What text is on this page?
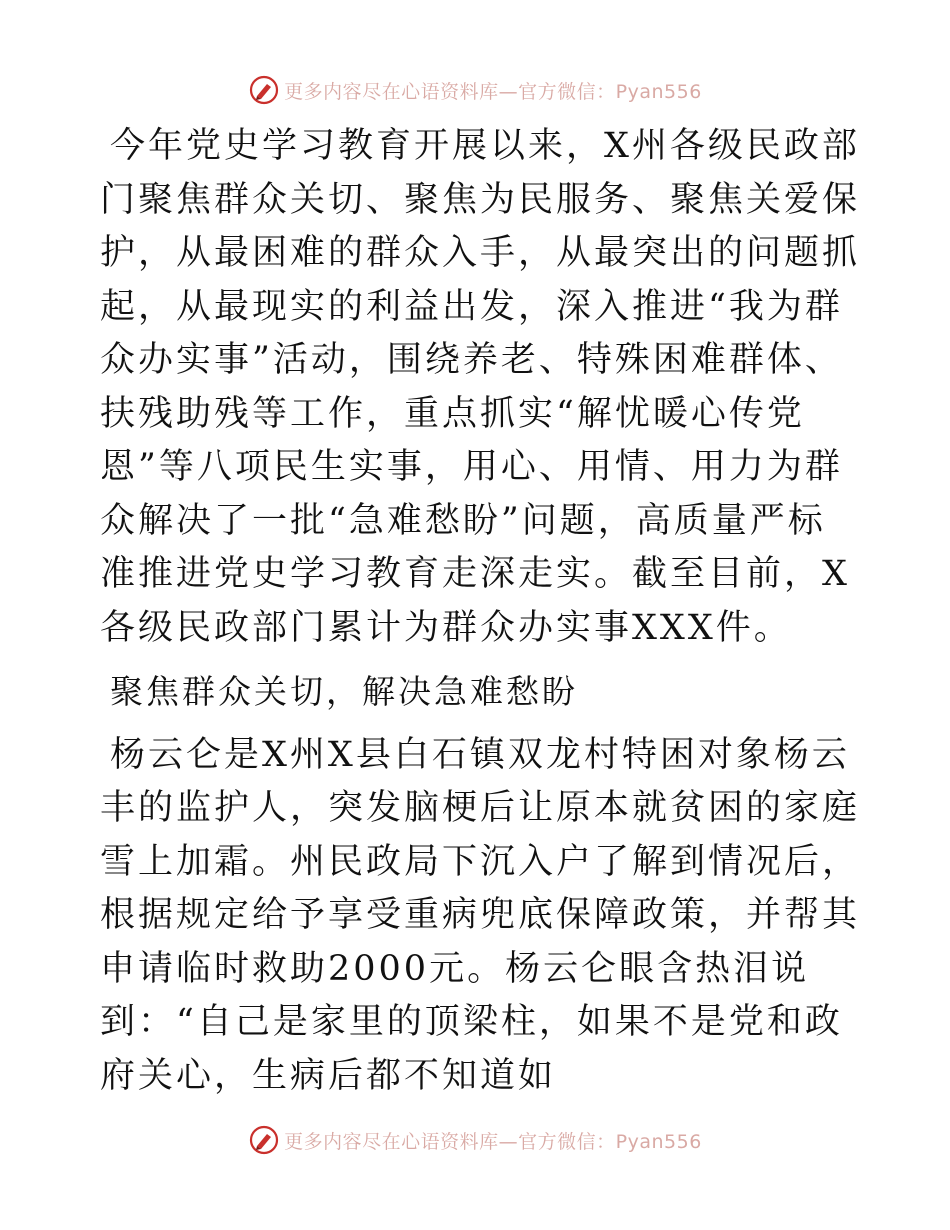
更多内容尽在心语资料库—官方微信：Pyan556

今年党史学习教育开展以来，X州各级民政部门聚焦群众关切、聚焦为民服务、聚焦关爱保护，从最困难的群众入手，从最突出的问题抓起，从最现实的利益出发，深入推进“我为群众办实事”活动，围绕养老、特殊困难群体、扶残助残等工作，重点抓实“解忧暖心传党恩”等八项民生实事，用心、用情、用力为群众解决了一批“急难愁盼”问题，高质量严标准推进党史学习教育走深走实。截至目前，X各级民政部门累计为群众办实事XXX件。

聚焦群众关切，解决急难愁盼

杨云仑是X州X县白石镇双龙村特困对象杨云丰的监护人，突发脑梗后让原本就贫困的家庭雪上加霜。州民政局下沉入户了解到情况后，根据规定给予享受重病兜底保障政策，并帮其申请临时救助2000元。杨云仑眼含热泪说到：“自己是家里的顶梁柱，如果不是党和政府关心，生病后都不知道如

更多内容尽在心语资料库—官方微信：Pyan556
